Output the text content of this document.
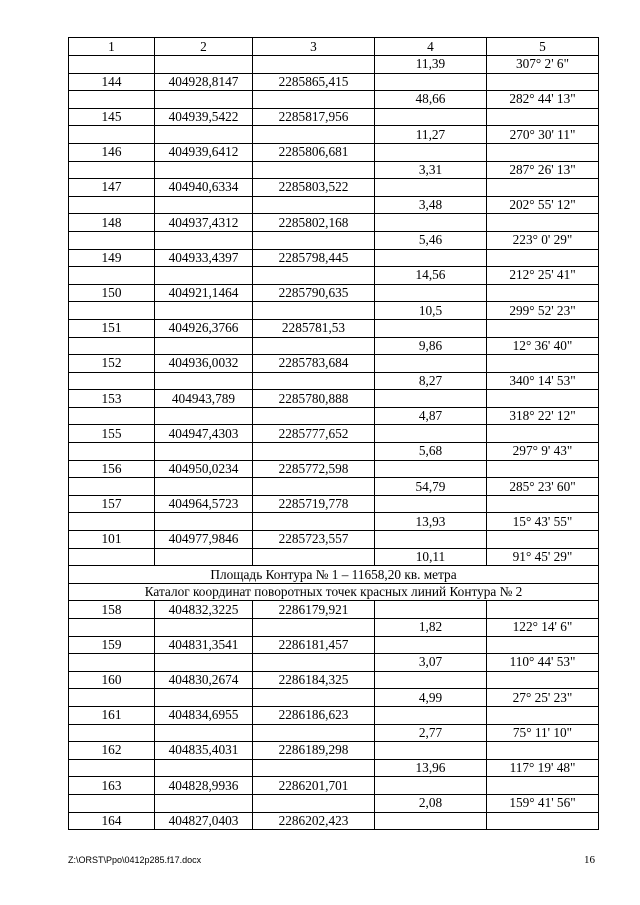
1	2	3	4	5
			11,39	307° 2' 6"
144	404928,8147	2285865,415		
			48,66	282° 44' 13"
145	404939,5422	2285817,956		
			11,27	270° 30' 11"
146	404939,6412	2285806,681		
			3,31	287° 26' 13"
147	404940,6334	2285803,522		
			3,48	202° 55' 12"
148	404937,4312	2285802,168		
			5,46	223° 0' 29"
149	404933,4397	2285798,445		
			14,56	212° 25' 41"
150	404921,1464	2285790,635		
			10,5	299° 52' 23"
151	404926,3766	2285781,53		
			9,86	12° 36' 40"
152	404936,0032	2285783,684		
			8,27	340° 14' 53"
153	404943,789	2285780,888		
			4,87	318° 22' 12"
155	404947,4303	2285777,652		
			5,68	297° 9' 43"
156	404950,0234	2285772,598		
			54,79	285° 23' 60"
157	404964,5723	2285719,778		
			13,93	15° 43' 55"
101	404977,9846	2285723,557		
			10,11	91° 45' 29"
Площадь Контура № 1 – 11658,20 кв. метра				
Каталог координат поворотных точек красных линий Контура № 2				
158	404832,3225	2286179,921		
			1,82	122° 14' 6"
159	404831,3541	2286181,457		
			3,07	110° 44' 53"
160	404830,2674	2286184,325		
			4,99	27° 25' 23"
161	404834,6955	2286186,623		
			2,77	75° 11' 10"
162	404835,4031	2286189,298		
			13,96	117° 19' 48"
163	404828,9936	2286201,701		
			2,08	159° 41' 56"
164	404827,0403	2286202,423		
Z:\ORST\Ppo\0412p285.f17.docx	16
